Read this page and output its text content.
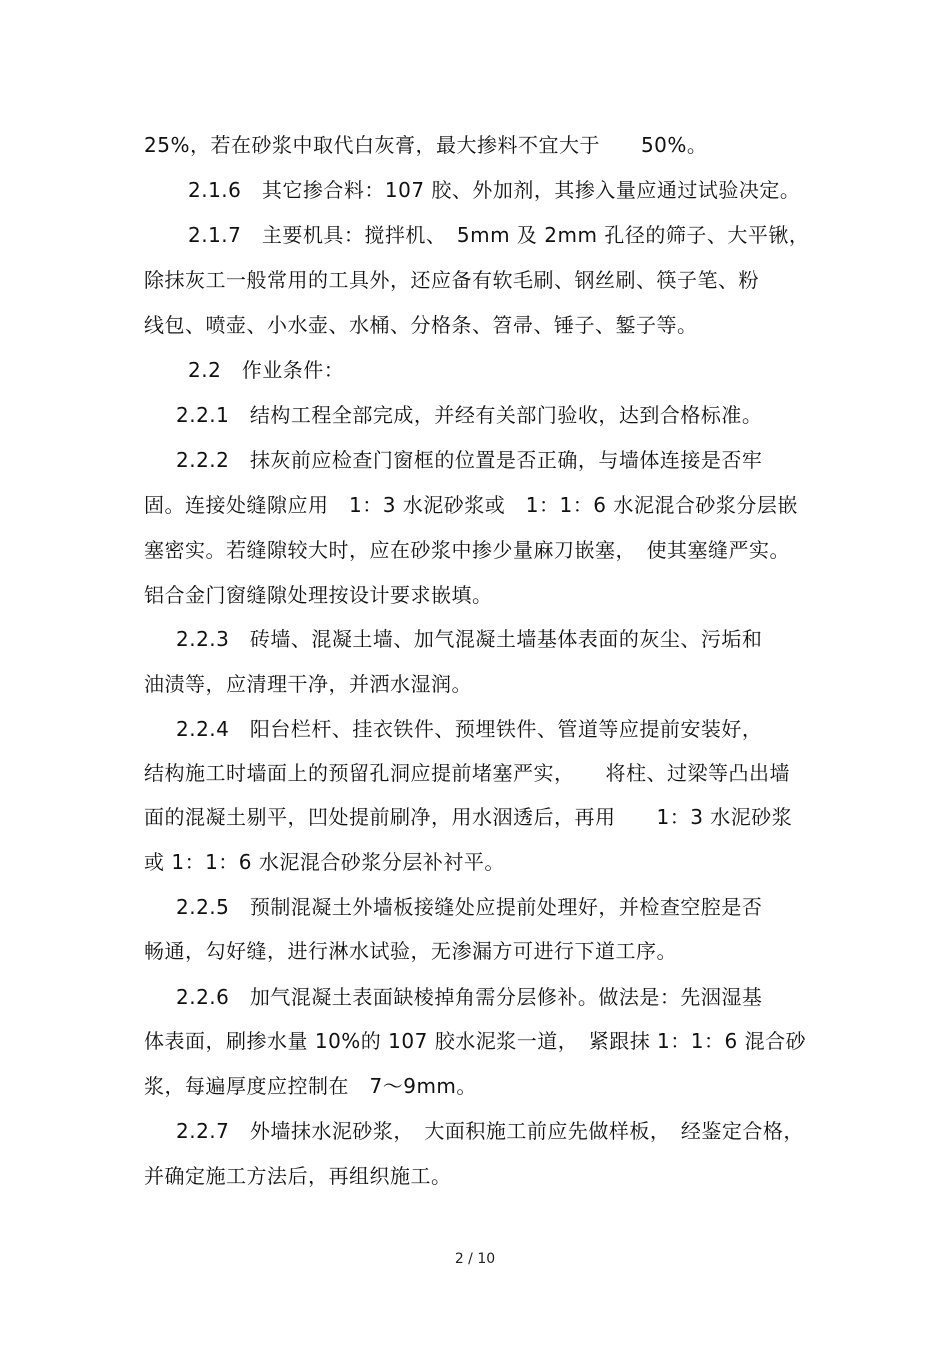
25%，若在砂浆中取代白灰膏，最大掺料不宜大于　　50%。
2.1.6　其它掺合料：107 胶、外加剂，其掺入量应通过试验决定。
2.1.7　主要机具：搅拌机、　5mm 及 2mm 孔径的筛子、大平锹，
除抹灰工一般常用的工具外，还应备有软毛刷、钢丝刷、筷子笔、粉
线包、喷壶、小水壶、水桶、分格条、笤帚、锤子、錾子等。
2.2　作业条件：
2.2.1　结构工程全部完成，并经有关部门验收，达到合格标准。
2.2.2　抹灰前应检查门窗框的位置是否正确，与墙体连接是否牢
固。连接处缝隙应用　1：3 水泥砂浆或　1：1：6 水泥混合砂浆分层嵌
塞密实。若缝隙较大时，应在砂浆中掺少量麻刀嵌塞，　使其塞缝严实。
铝合金门窗缝隙处理按设计要求嵌填。
2.2.3　砖墙、混凝土墙、加气混凝土墙基体表面的灰尘、污垢和
油渍等，应清理干净，并洒水湿润。
2.2.4　阳台栏杆、挂衣铁件、预埋铁件、管道等应提前安装好，
结构施工时墙面上的预留孔洞应提前堵塞严实，　　将柱、过梁等凸出墙
面的混凝土剔平，凹处提前刷净，用水洇透后，再用　　1：3 水泥砂浆
或 1：1：6 水泥混合砂浆分层补衬平。
2.2.5　预制混凝土外墙板接缝处应提前处理好，并检查空腔是否
畅通，勾好缝，进行淋水试验，无渗漏方可进行下道工序。
2.2.6　加气混凝土表面缺棱掉角需分层修补。做法是：先洇湿基
体表面，刷掺水量 10%的 107 胶水泥浆一道，　紧跟抹 1：1：6 混合砂
浆，每遍厚度应控制在　7～9mm。
2.2.7　外墙抹水泥砂浆，　大面积施工前应先做样板，　经鉴定合格，
并确定施工方法后，再组织施工。
2 / 10
